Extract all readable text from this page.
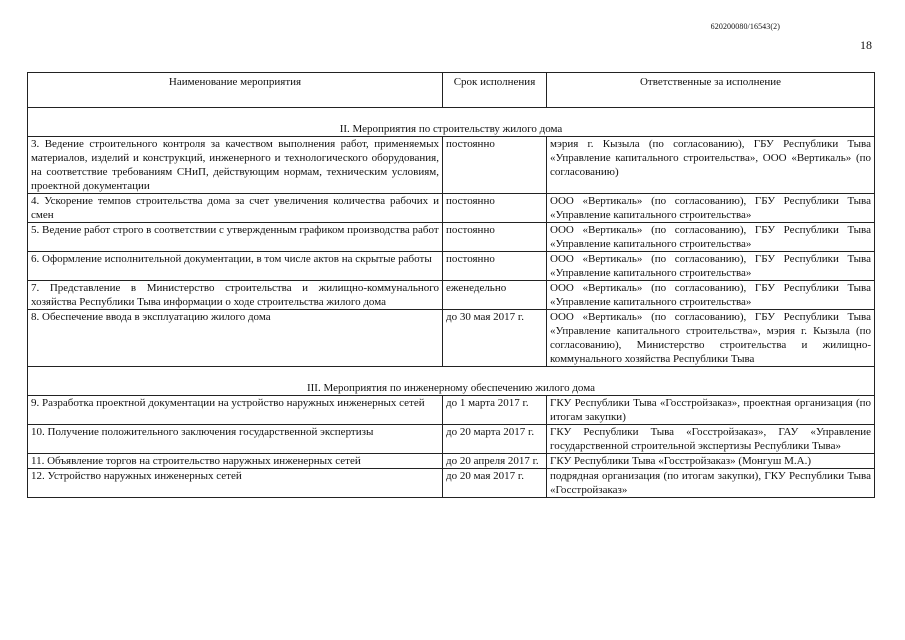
620200080/16543(2)
18
Наименование мероприятия	Срок исполнения	Ответственные за исполнение

II. Мероприятия по строительству жилого дома		
3. Ведение строительного контроля за качеством выполнения работ, применяемых материалов, изделий и конструкций, инженерного и технологического оборудования, на соответствие требованиям СНиП, действующим нормам, техническим условиям, проектной документации	постоянно	мэрия г. Кызыла (по согласованию), ГБУ Республики Тыва «Управление капитального строительства», ООО «Вертикаль» (по согласованию)
4. Ускорение темпов строительства дома за счет увеличения количества рабочих и смен	постоянно	ООО «Вертикаль» (по согласованию), ГБУ Республики Тыва «Управление капитального строительства»
5. Ведение работ строго в соответствии с утвержденным графиком производства работ	постоянно	ООО «Вертикаль» (по согласованию), ГБУ Республики Тыва «Управление капитального строительства»
6. Оформление исполнительной документации, в том числе актов на скрытые работы	постоянно	ООО «Вертикаль» (по согласованию), ГБУ Республики Тыва «Управление капитального строительства»
7. Представление в Министерство строительства и жилищно-коммунального хозяйства Республики Тыва информации о ходе строительства жилого дома	еженедельно	ООО «Вертикаль» (по согласованию), ГБУ Республики Тыва «Управление капитального строительства»
8. Обеспечение ввода в эксплуатацию жилого дома	до 30 мая 2017 г.	ООО «Вертикаль» (по согласованию), ГБУ Республики Тыва «Управление капитального строительства», мэрия г. Кызыла (по согласованию), Министерство строительства и жилищно-коммунального хозяйства Республики Тыва

III. Мероприятия по инженерному обеспечению жилого дома		
9. Разработка проектной документации на устройство наружных инженерных сетей	до 1 марта 2017 г.	ГКУ Республики Тыва «Госстройзаказ», проектная организация (по итогам закупки)
10. Получение положительного заключения государственной экспертизы	до 20 марта 2017 г.	ГКУ Республики Тыва «Госстройзаказ», ГАУ «Управление государственной строительной экспертизы Республики Тыва»
11. Объявление торгов на строительство наружных инженерных сетей	до 20 апреля 2017 г.	ГКУ Республики Тыва «Госстройзаказ» (Монгуш М.А.)
12. Устройство наружных инженерных сетей	до 20 мая 2017 г.	подрядная организация (по итогам закупки), ГКУ Республики Тыва «Госстройзаказ»
